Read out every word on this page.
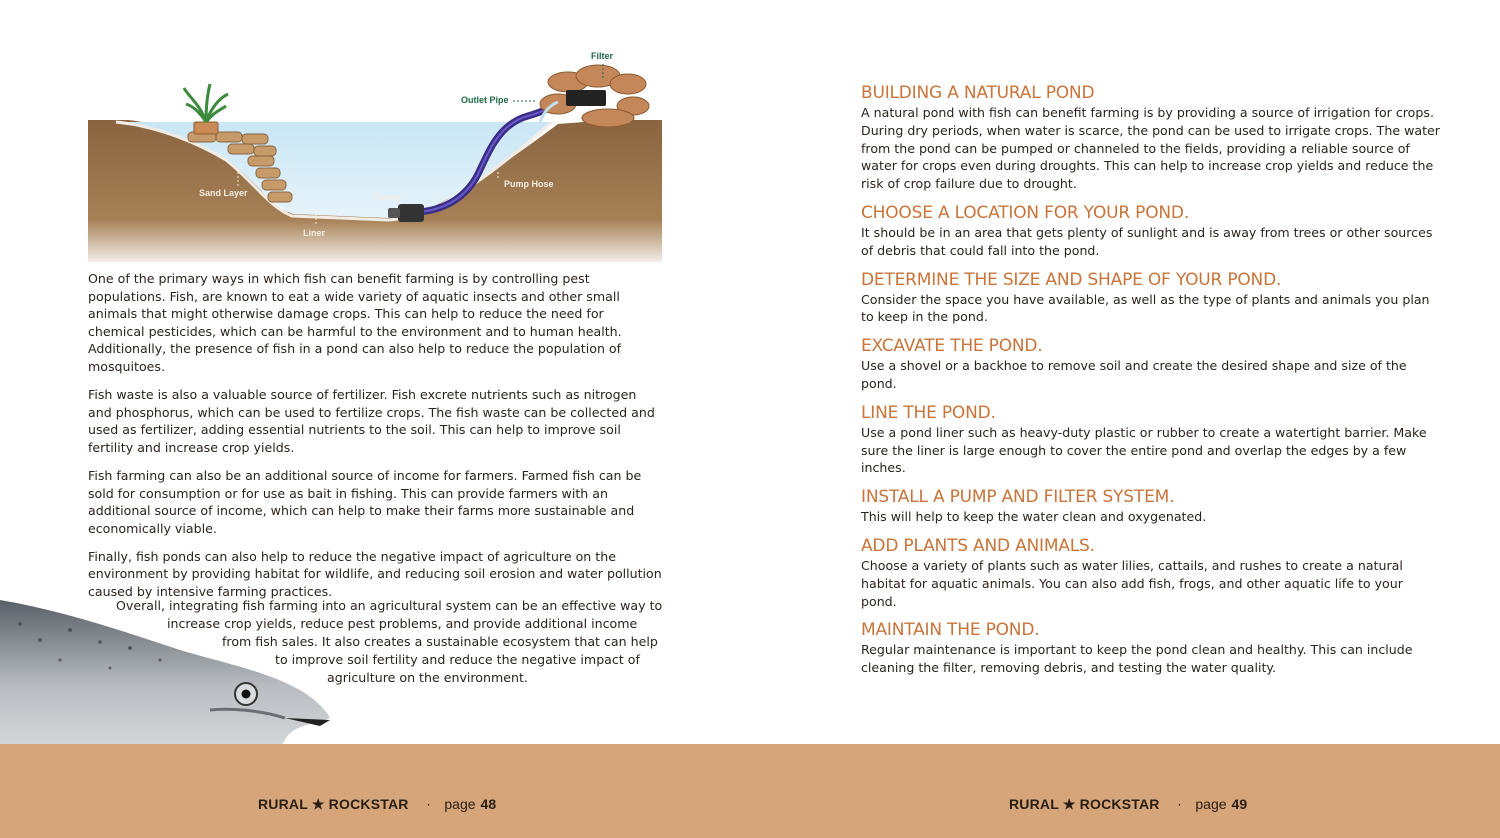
Filter
Outlet Pipe
Sand Layer	Pump
Pump Hose
Liner

One of the primary ways in which fish can benefit farming is by controlling pest populations. Fish, are known to eat a wide variety of aquatic insects and other small animals that might otherwise damage crops. This can help to reduce the need for chemical pesticides, which can be harmful to the environment and to human health. Additionally, the presence of fish in a pond can also help to reduce the population of mosquitoes.

Fish waste is also a valuable source of fertilizer. Fish excrete nutrients such as nitrogen and phosphorus, which can be used to fertilize crops. The fish waste can be collected and used as fertilizer, adding essential nutrients to the soil. This can help to improve soil fertility and increase crop yields.

Fish farming can also be an additional source of income for farmers. Farmed fish can be sold for consumption or for use as bait in fishing. This can provide farmers with an additional source of income, which can help to make their farms more sustainable and economically viable.

Finally, fish ponds can also help to reduce the negative impact of agriculture on the environment by providing habitat for wildlife, and reducing soil erosion and water pollution caused by intensive farming practices.

Overall, integrating fish farming into an agricultural system can be an effective way to
increase crop yields, reduce pest problems, and provide additional income
from fish sales. It also creates a sustainable ecosystem that can help
to improve soil fertility and reduce the negative impact of
agriculture on the environment.
BUILDING A NATURAL POND

A natural pond with fish can benefit farming is by providing a source of irrigation for crops. During dry periods, when water is scarce, the pond can be used to irrigate crops. The water from the pond can be pumped or channeled to the fields, providing a reliable source of water for crops even during droughts. This can help to increase crop yields and reduce the risk of crop failure due to drought.

CHOOSE A LOCATION FOR YOUR POND.

It should be in an area that gets plenty of sunlight and is away from trees or other sources of debris that could fall into the pond.

DETERMINE THE SIZE AND SHAPE OF YOUR POND.

Consider the space you have available, as well as the type of plants and animals you plan to keep in the pond.

EXCAVATE THE POND.

Use a shovel or a backhoe to remove soil and create the desired shape and size of the pond.

LINE THE POND.

Use a pond liner such as heavy-duty plastic or rubber to create a watertight barrier. Make sure the liner is large enough to cover the entire pond and overlap the edges by a few inches.

INSTALL A PUMP AND FILTER SYSTEM.

This will help to keep the water clean and oxygenated.

ADD PLANTS AND ANIMALS.

Choose a variety of plants such as water lilies, cattails, and rushes to create a natural habitat for aquatic animals. You can also add fish, frogs, and other aquatic life to your pond.

MAINTAIN THE POND.

Regular maintenance is important to keep the pond clean and healthy. This can include cleaning the filter, removing debris, and testing the water quality.

RURAL ★ ROCKSTAR · page 48	RURAL ★ ROCKSTAR · page 49
